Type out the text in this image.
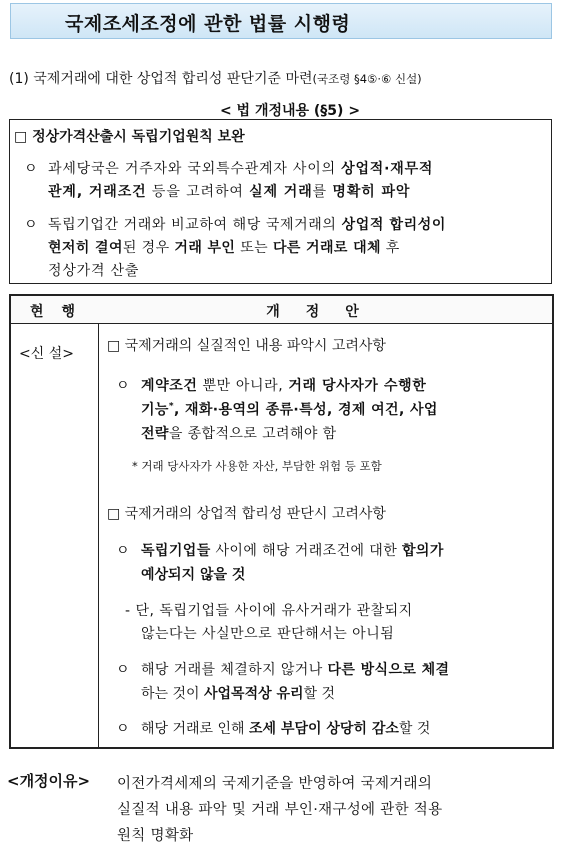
국제조세조정에 관한 법률 시행령
(1) 국제거래에 대한 상업적 합리성 판단기준 마련(국조령 §4⑤·⑥ 신설)
< 법 개정내용 (§5) >
□ 정상가격산출시 독립기업원칙 보완
ㅇ 과세당국은 거주자와 국외특수관계자 사이의 상업적·재무적
관계, 거래조건 등을 고려하여 실제 거래를 명확히 파악
ㅇ 독립기업간 거래와 비교하여 해당 국제거래의 상업적 합리성이
현저히 결여된 경우 거래 부인 또는 다른 거래로 대체 후
정상가격 산출
현행	개정안
<신 설> □ 국제거래의 실질적인 내용 파악시 고려사항
ㅇ 계약조건 뿐만 아니라, 거래 당사자가 수행한
기능*, 재화·용역의 종류·특성, 경제 여건, 사업
전략을 종합적으로 고려해야 함
* 거래 당사자가 사용한 자산, 부담한 위험 등 포함
□ 국제거래의 상업적 합리성 판단시 고려사항
ㅇ 독립기업들 사이에 해당 거래조건에 대한 합의가
예상되지 않을 것
- 단, 독립기업들 사이에 유사거래가 관찰되지
않는다는 사실만으로 판단해서는 아니됨
ㅇ 해당 거래를 체결하지 않거나 다른 방식으로 체결
하는 것이 사업목적상 유리할 것
ㅇ 해당 거래로 인해 조세 부담이 상당히 감소할 것
<개정이유> 이전가격세제의 국제기준을 반영하여 국제거래의
실질적 내용 파악 및 거래 부인·재구성에 관한 적용
원칙 명확화
